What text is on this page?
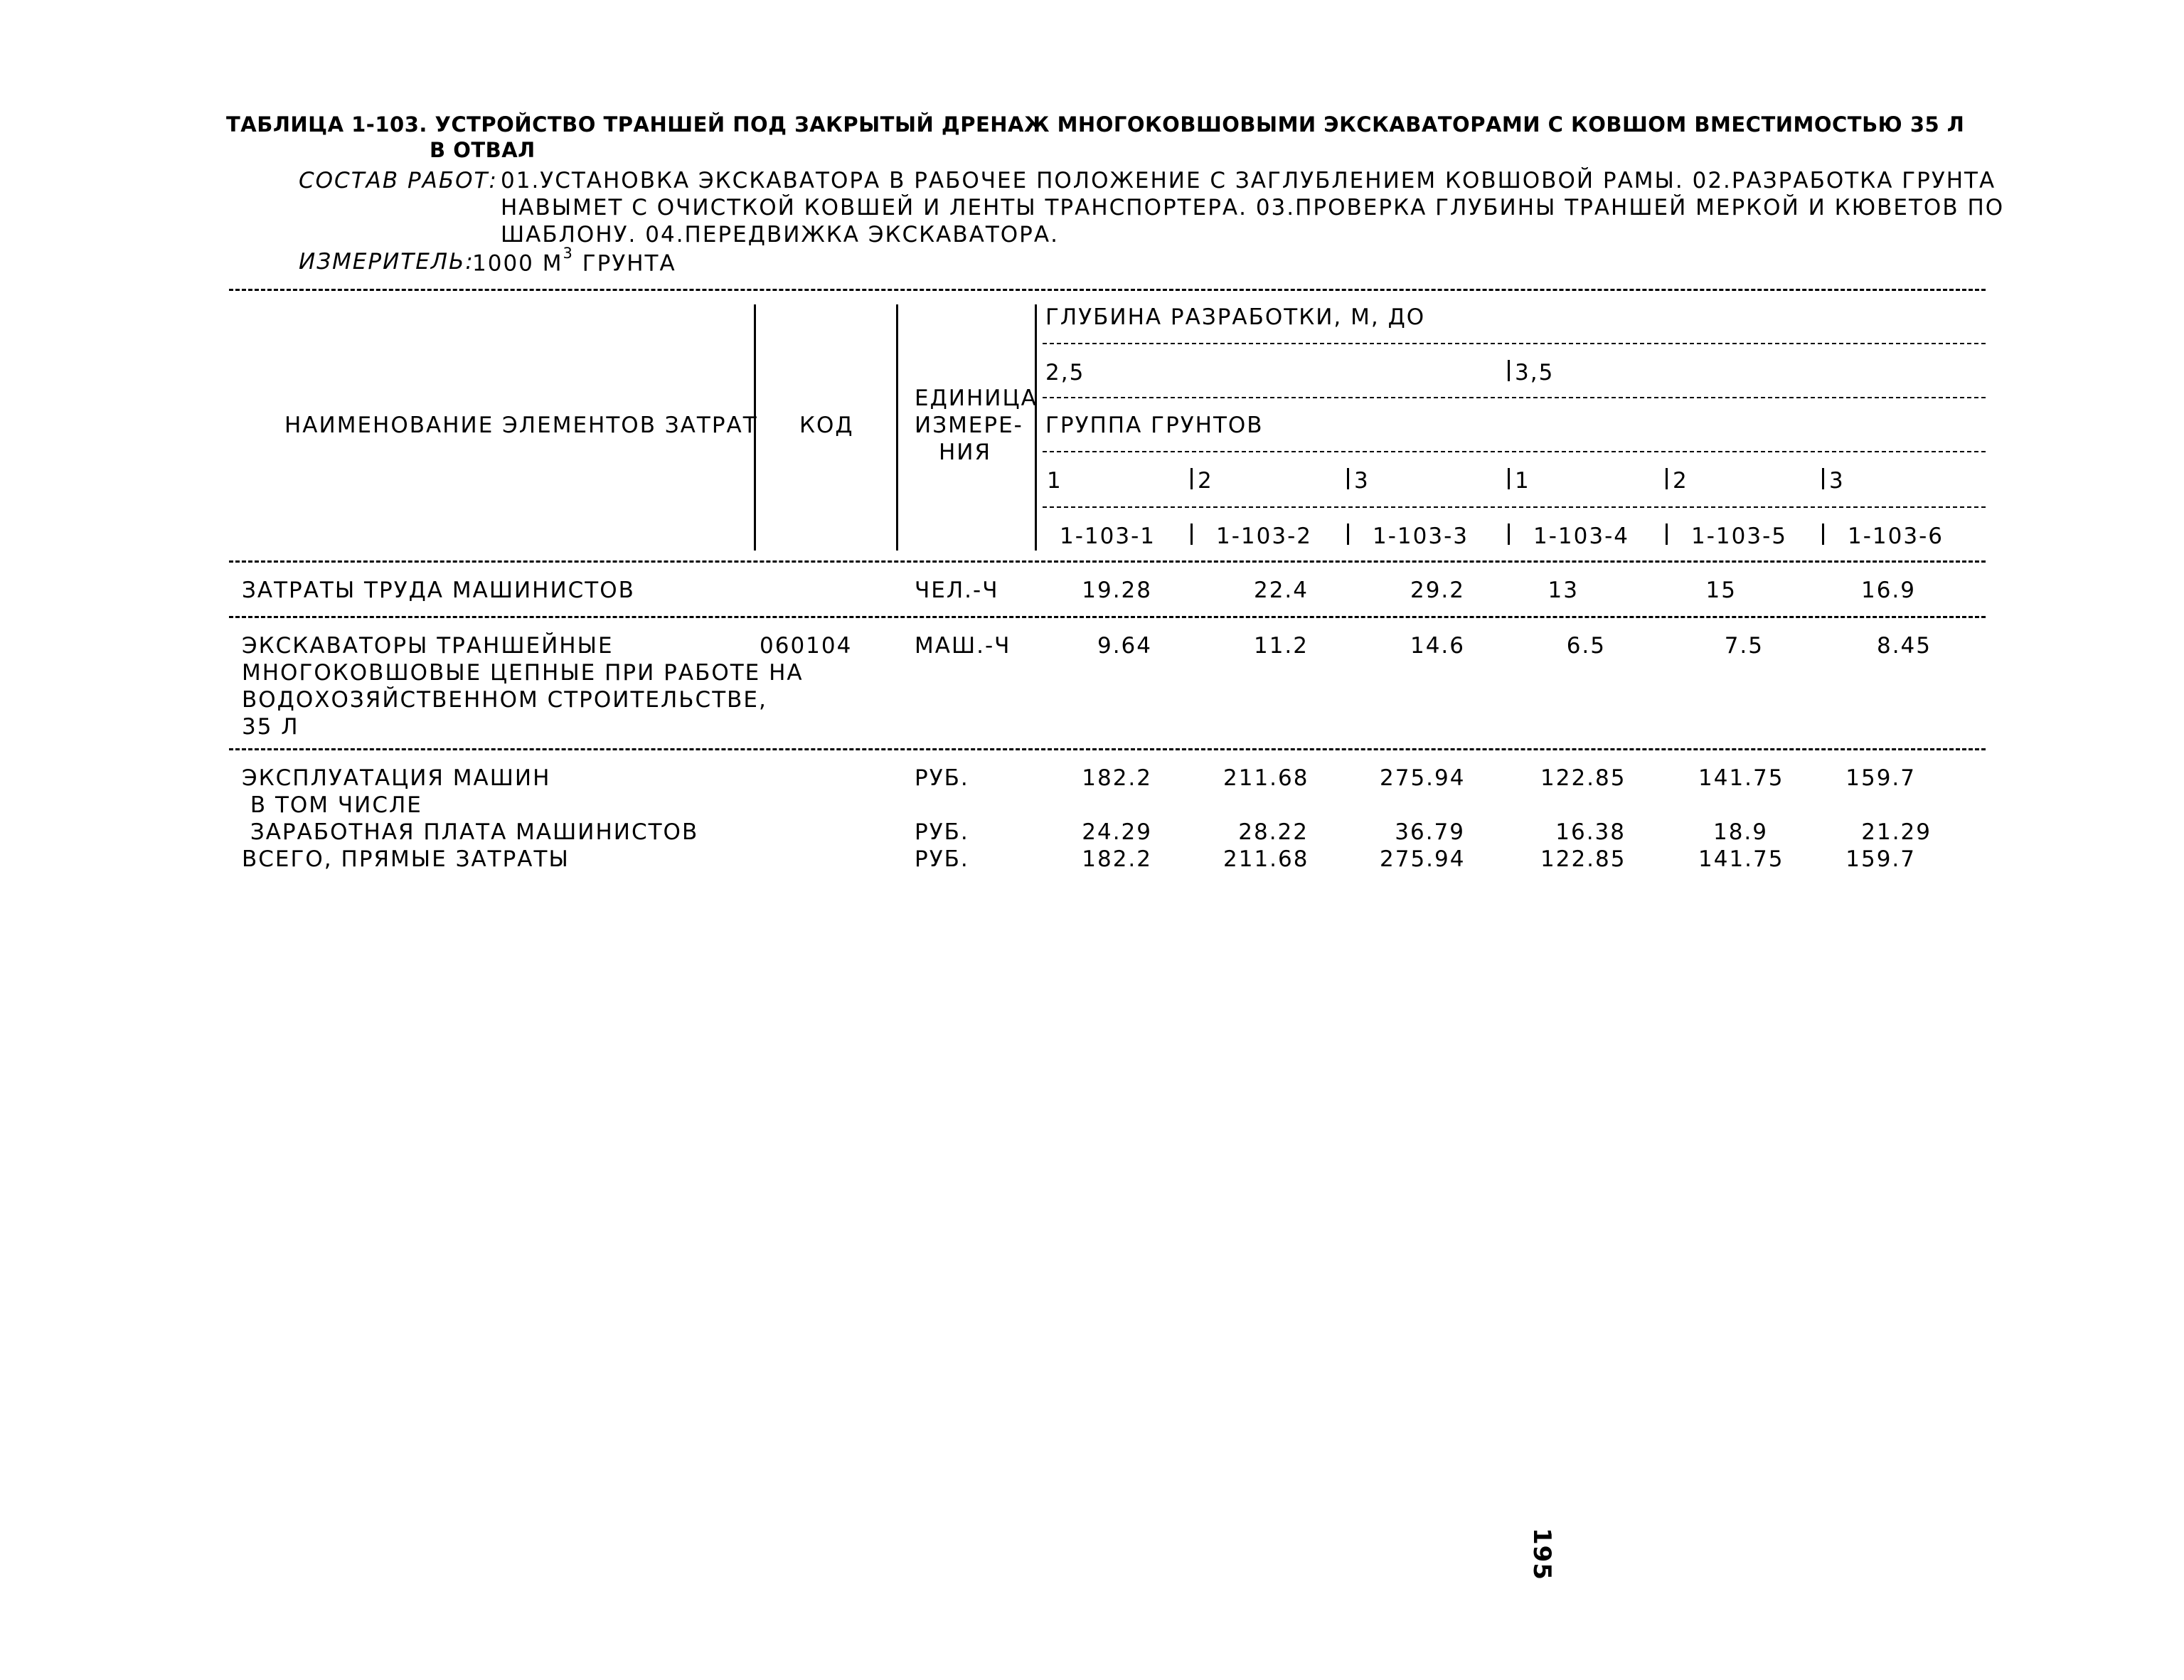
ТАБЛИЦА 1-103. УСТРОЙСТВО ТРАНШЕЙ ПОД ЗАКРЫТЫЙ ДРЕНАЖ МНОГОКОВШОВЫМИ ЭКСКАВАТОРАМИ С КОВШОМ ВМЕСТИМОСТЬЮ 35 Л
В ОТВАЛ
СОСТАВ РАБОТ: 01.УСТАНОВКА ЭКСКАВАТОРА В РАБОЧЕЕ ПОЛОЖЕНИЕ С ЗАГЛУБЛЕНИЕМ КОВШОВОЙ РАМЫ. 02.РАЗРАБОТКА ГРУНТА
НАВЫМЕТ С ОЧИСТКОЙ КОВШЕЙ И ЛЕНТЫ ТРАНСПОРТЕРА. 03.ПРОВЕРКА ГЛУБИНЫ ТРАНШЕЙ МЕРКОЙ И КЮВЕТОВ ПО
ШАБЛОНУ. 04.ПЕРЕДВИЖКА ЭКСКАВАТОРА.
ИЗМЕРИТЕЛЬ:
1000 $М^3$ ГРУНТА
НАИМЕНОВАНИЕ ЭЛЕМЕНТОВ ЗАТРАТ КОД
ЕДИНИЦА
ИЗМЕРЕ-
НИЯ
ГЛУБИНА РАЗРАБОТКИ, М, ДО
2,5	3,5
ГРУППА ГРУНТОВ
1	2	3	1	2	3
1-103-1	1-103-2	1-103-3	1-103-4	1-103-5	1-103-6
ЗАТРАТЫ ТРУДА МАШИНИСТОВ	ЧЕЛ.-Ч	19.28	22.4	29.2	13	15	16.9
ЭКСКАВАТОРЫ ТРАНШЕЙНЫЕ
МНОГОКОВШОВЫЕ ЦЕПНЫЕ ПРИ РАБОТЕ НА
ВОДОХОЗЯЙСТВЕННОМ СТРОИТЕЛЬСТВЕ,
35 Л
060104	МАШ.-Ч	9.64	11.2	14.6	6.5	7.5	8.45
ЭКСПЛУАТАЦИЯ МАШИН	РУБ.	182.2	211.68	275.94	122.85	141.75	159.7
В ТОМ ЧИСЛЕ
ЗАРАБОТНАЯ ПЛАТА МАШИНИСТОВ	РУБ.	24.29	28.22	36.79	16.38	18.9	21.29
ВСЕГО, ПРЯМЫЕ ЗАТРАТЫ	РУБ.	182.2	211.68	275.94	122.85	141.75	159.7
195
